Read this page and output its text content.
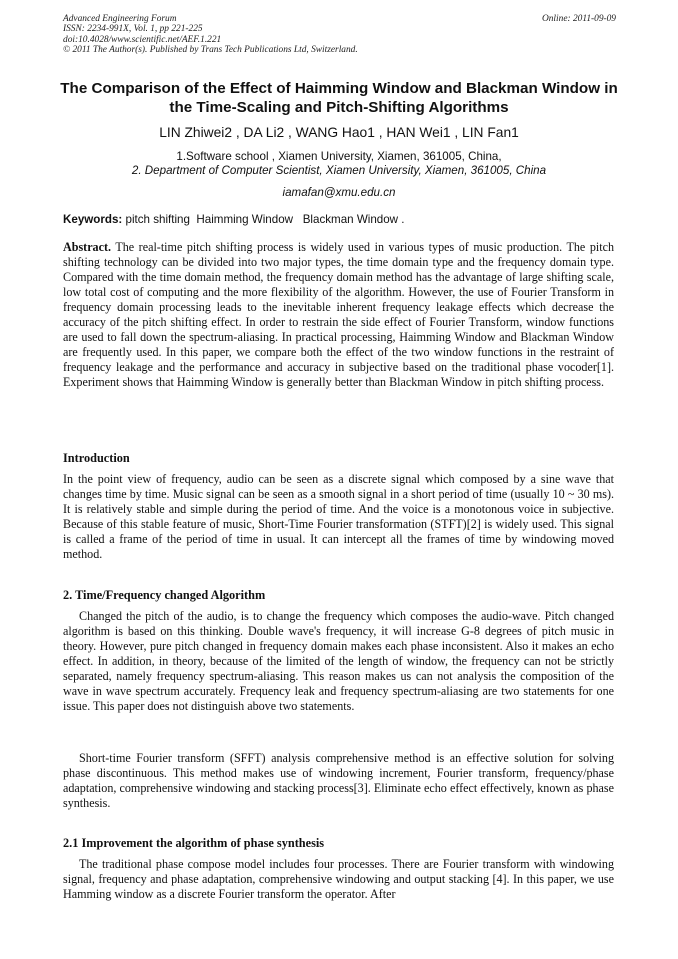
Advanced Engineering Forum
ISSN: 2234-991X, Vol. 1, pp 221-225
doi:10.4028/www.scientific.net/AEF.1.221
© 2011 The Author(s). Published by Trans Tech Publications Ltd, Switzerland.
Online: 2011-09-09
The Comparison of the Effect of Haimming Window and Blackman Window in the Time-Scaling and Pitch-Shifting Algorithms
LIN Zhiwei2 , DA Li2 , WANG Hao1 , HAN Wei1 , LIN Fan1
1.Software school , Xiamen University, Xiamen, 361005, China,
2. Department of Computer Scientist, Xiamen University, Xiamen, 361005, China
iamafan@xmu.edu.cn
Keywords: pitch shifting  Haimming Window   Blackman Window .
Abstract. The real-time pitch shifting process is widely used in various types of music production. The pitch shifting technology can be divided into two major types, the time domain type and the frequency domain type. Compared with the time domain method, the frequency domain method has the advantage of large shifting scale, low total cost of computing and the more flexibility of the algorithm. However, the use of Fourier Transform in frequency domain processing leads to the inevitable inherent frequency leakage effects which decrease the accuracy of the pitch shifting effect. In order to restrain the side effect of Fourier Transform, window functions are used to fall down the spectrum-aliasing. In practical processing, Haimming Window and Blackman Window are frequently used. In this paper, we compare both the effect of the two window functions in the restraint of frequency leakage and the performance and accuracy in subjective based on the traditional phase vocoder[1]. Experiment shows that Haimming Window is generally better than Blackman Window in pitch shifting process.
Introduction
In the point view of frequency, audio can be seen as a discrete signal which composed by a sine wave that changes time by time. Music signal can be seen as a smooth signal in a short period of time (usually 10 ~ 30 ms). It is relatively stable and simple during the period of time. And the voice is a monotonous voice in subjective. Because of this stable feature of music, Short-Time Fourier transformation (STFT)[2] is widely used. This signal is called a frame of the period of time in usual. It can intercept all the frames of time by windowing moved method.
2. Time/Frequency changed Algorithm
Changed the pitch of the audio, is to change the frequency which composes the audio-wave. Pitch changed algorithm is based on this thinking. Double wave's frequency, it will increase G-8 degrees of pitch music in theory. However, pure pitch changed in frequency domain makes each phase inconsistent. Also it makes an echo effect. In addition, in theory, because of the limited of the length of window, the frequency can not be strictly separated, namely frequency spectrum-aliasing. This reason makes us can not analysis the composition of the wave in wave spectrum accurately. Frequency leak and frequency spectrum-aliasing are two statements for one issue. This paper does not distinguish above two statements.
Short-time Fourier transform (SFFT) analysis comprehensive method is an effective solution for solving phase discontinuous. This method makes use of windowing increment, Fourier transform, frequency/phase adaptation, comprehensive windowing and stacking process[3]. Eliminate echo effect effectively, known as phase synthesis.
2.1 Improvement the algorithm of phase synthesis
The traditional phase compose model includes four processes. There are Fourier transform with windowing signal, frequency and phase adaptation, comprehensive windowing and output stacking [4]. In this paper, we use Hamming window as a discrete Fourier transform the operator. After
